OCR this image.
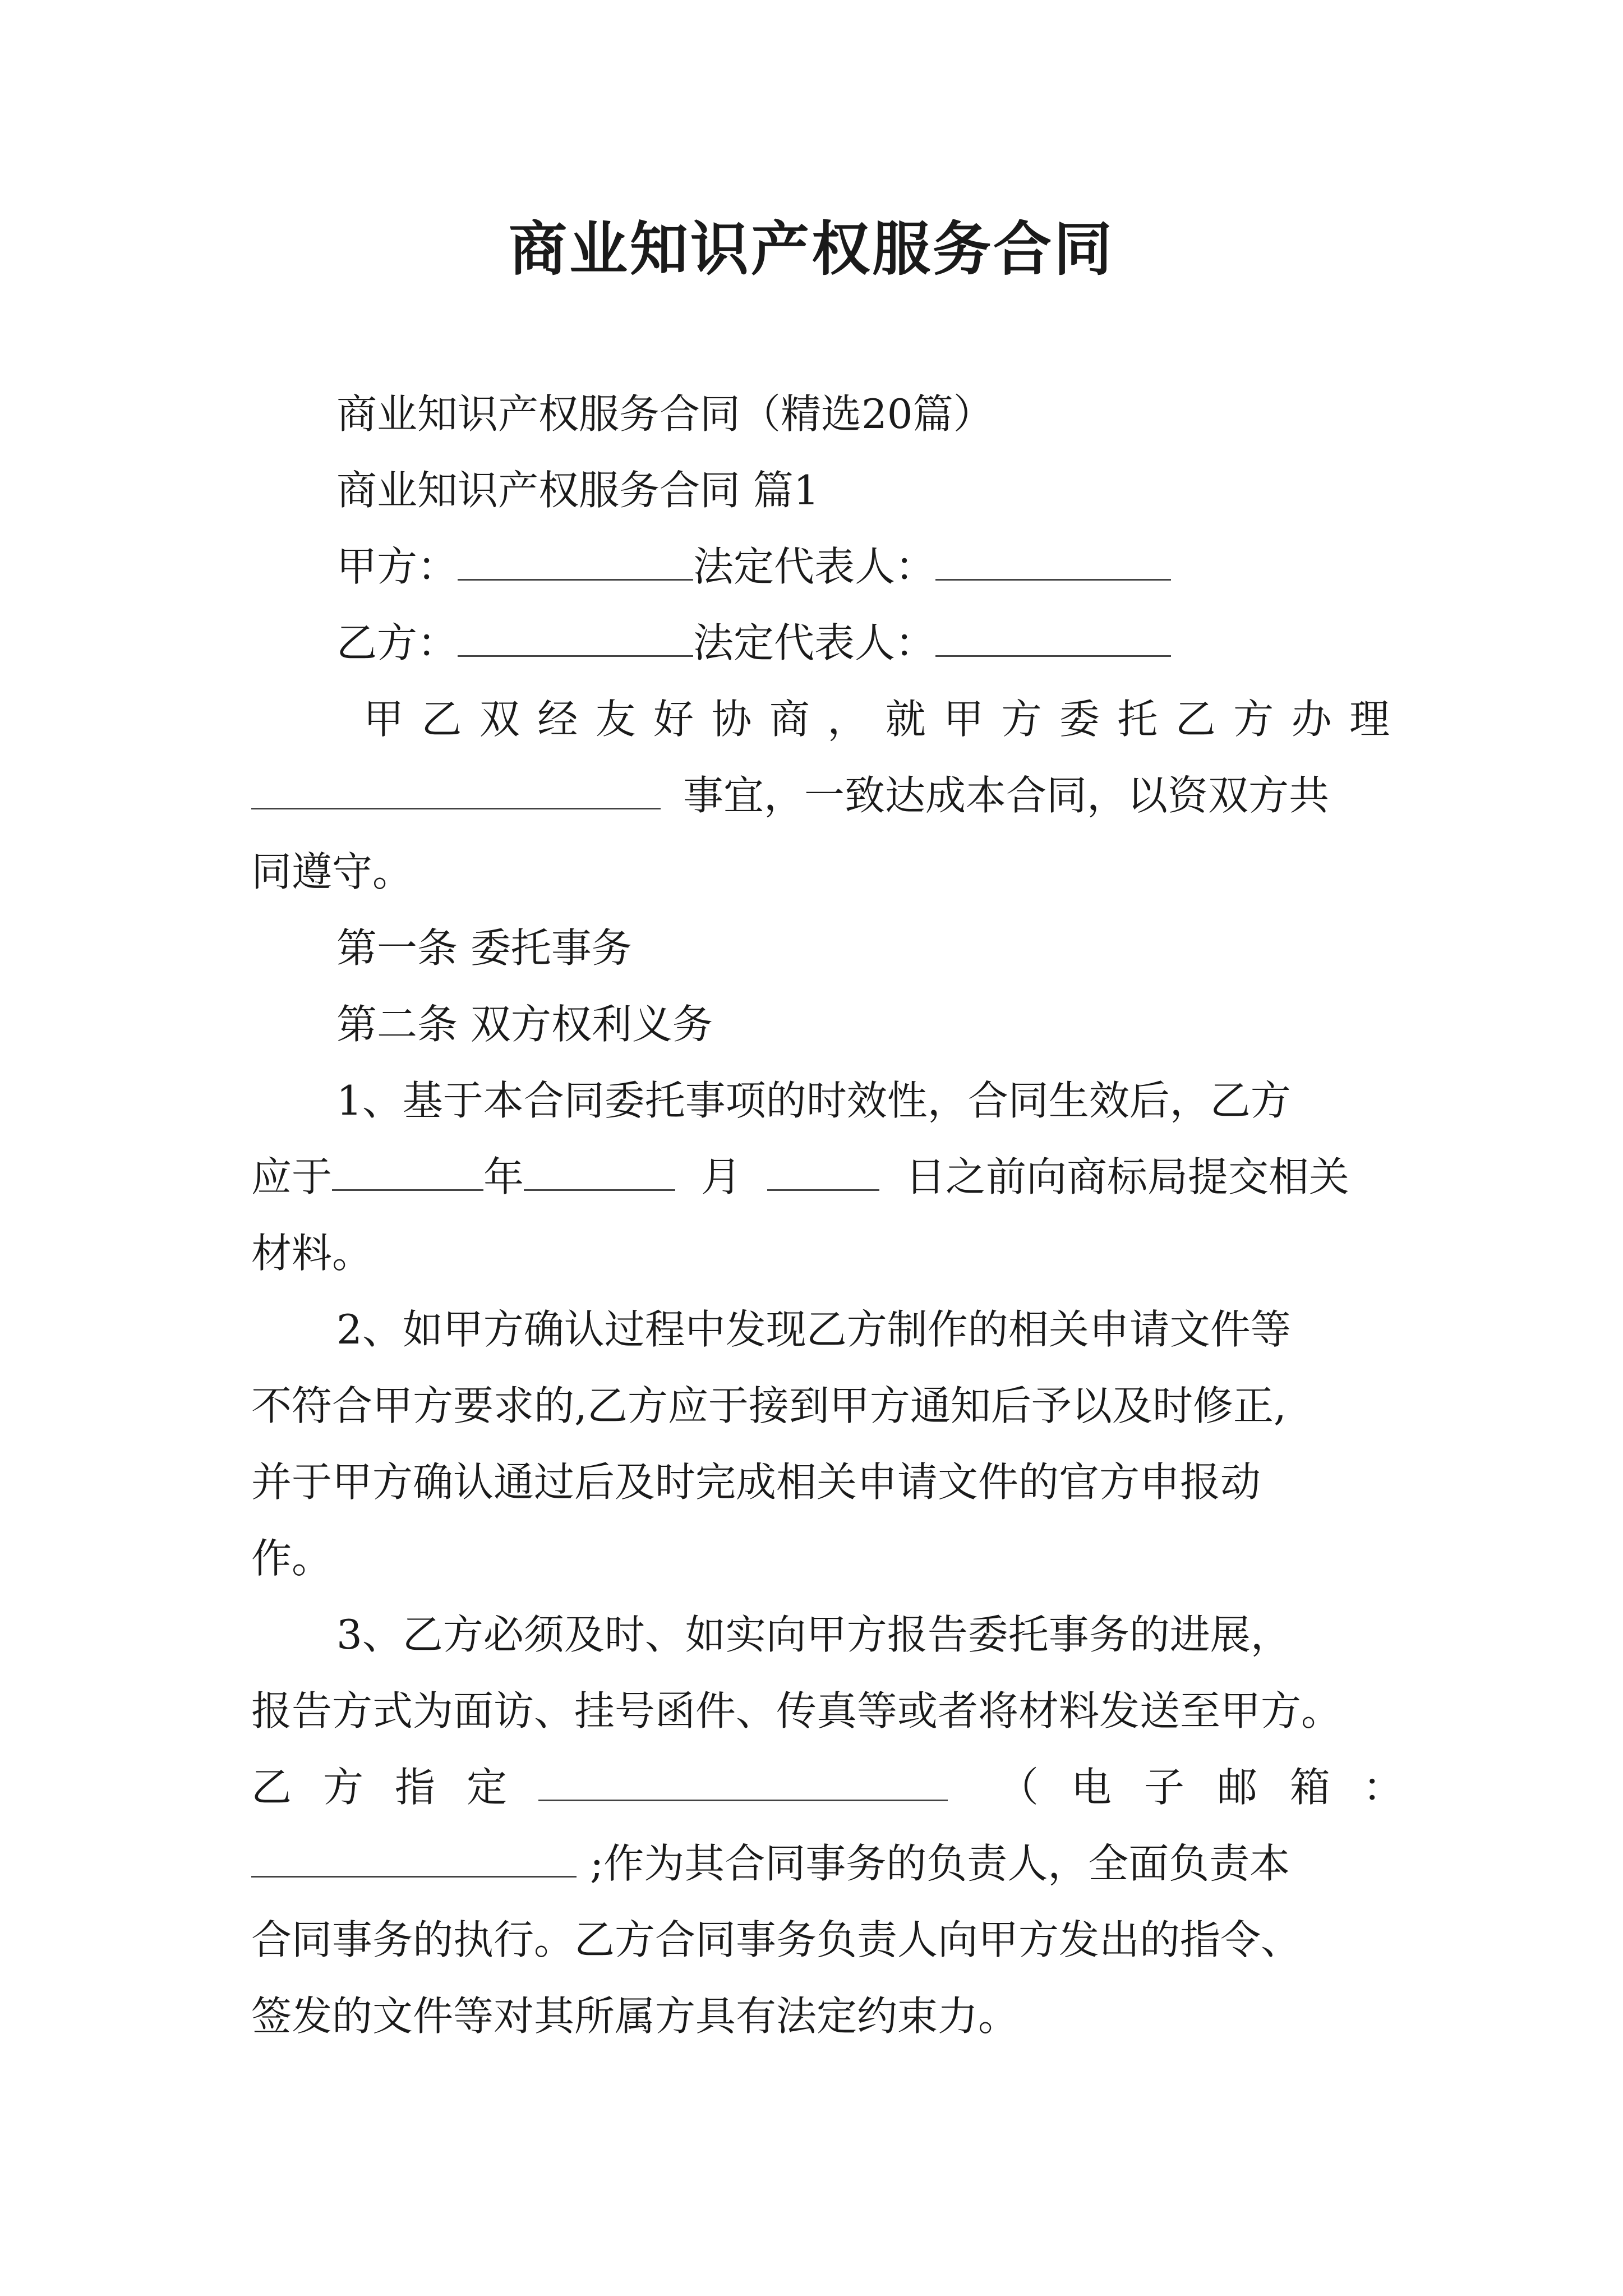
商业知识产权服务合同
商业知识产权服务合同（精选20篇）
商业知识产权服务合同 篇1
甲方：	法定代表人：
乙方：	法定代表人：
甲乙双经友好协商，就甲方委托乙方办理
事宜，一致达成本合同，以资双方共
同遵守。
第一条 委托事务
第二条 双方权利义务
1、基于本合同委托事项的时效性，合同生效后，乙方
应于	年	月	日之前向商标局提交相关
材料。
2、如甲方确认过程中发现乙方制作的相关申请文件等
不符合甲方要求的,乙方应于接到甲方通知后予以及时修正,
并于甲方确认通过后及时完成相关申请文件的官方申报动
作。
3、乙方必须及时、如实向甲方报告委托事务的进展，
报告方式为面访、挂号函件、传真等或者将材料发送至甲方。
乙方指定	（电子邮箱：
;作为其合同事务的负责人，全面负责本
合同事务的执行。乙方合同事务负责人向甲方发出的指令、
签发的文件等对其所属方具有法定约束力。
